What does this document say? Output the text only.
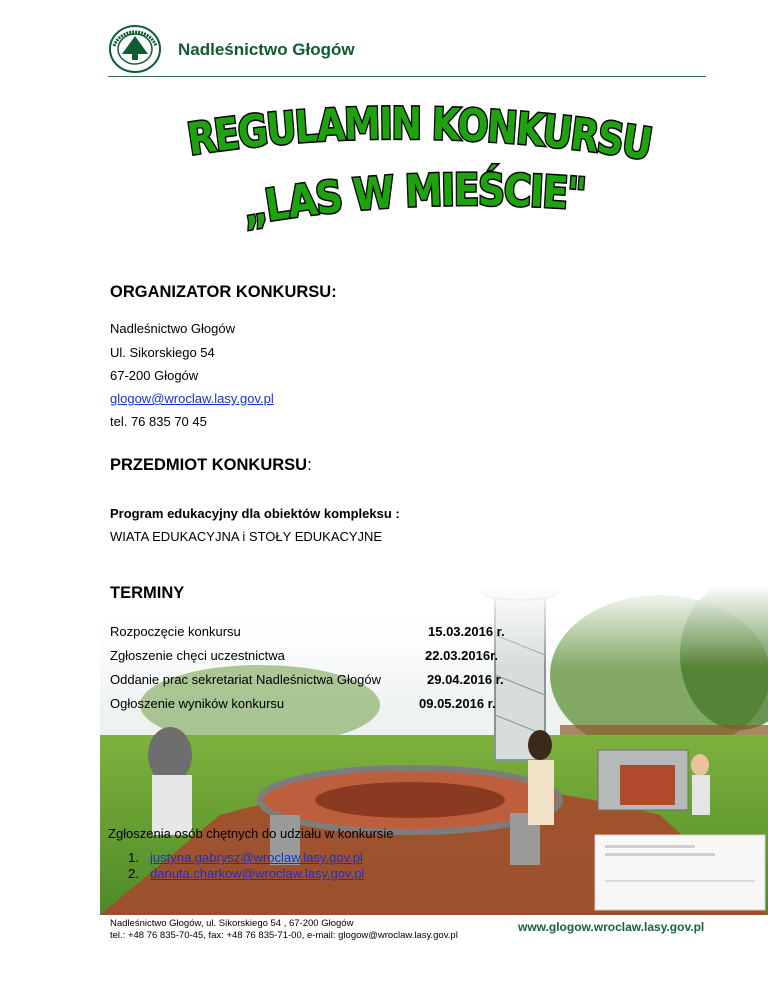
Nadleśnictwo Głogów
REGULAMIN KONKURSU
„LAS W MIEŚCIE"
ORGANIZATOR KONKURSU:
Nadleśnictwo Głogów
Ul. Sikorskiego 54
67-200 Głogów
glogow@wroclaw.lasy.gov.pl
tel. 76 835 70 45
PRZEDMIOT KONKURSU:
Program edukacyjny dla obiektów kompleksu :
WIATA EDUKACYJNA i STOŁY EDUKACYJNE
TERMINY
Rozpoczęcie konkursu	15.03.2016 r.
Zgłoszenie chęci uczestnictwa	22.03.2016r.
Oddanie prac sekretariat Nadleśnictwa Głogów	29.04.2016 r.
Ogłoszenie wyników konkursu	09.05.2016 r.
Zgłoszenia osób chętnych do udziału w konkursie
1. justyna.gabrysz@wroclaw.lasy.gov.pl
2. danuta.charkow@wroclaw.lasy.gov.pl
Nadleśnictwo Głogów, ul. Sikorskiego 54 , 67-200 Głogów
tel.: +48 76 835-70-45, fax: +48 76 835-71-00, e-mail: glogow@wroclaw.lasy.gov.pl
www.glogow.wroclaw.lasy.gov.pl
